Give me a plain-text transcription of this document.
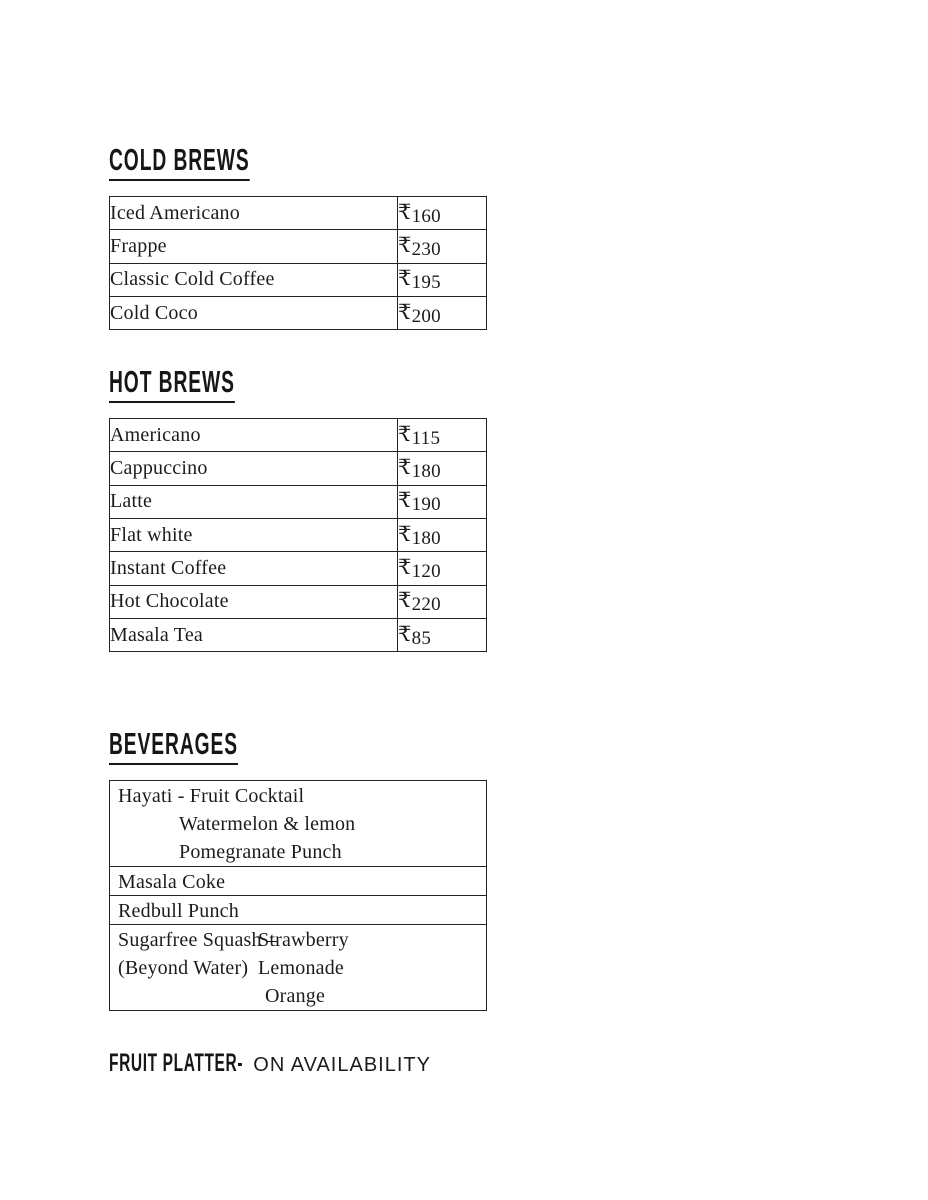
COLD BREWS
Iced Americano	₹160
Frappe	₹230
Classic Cold Coffee	₹195
Cold Coco	₹200
HOT BREWS
Americano	₹115
Cappuccino	₹180
Latte	₹190
Flat white	₹180
Instant Coffee	₹120
Hot Chocolate	₹220
Masala Tea	₹85
BEVERAGES
Hayati - Fruit Cocktail
Watermelon & lemon
Pomegranate Punch

Masala Coke
Redbull Punch

Sugarfree Squash –Strawberry
(Beyond Water) Lemonade
Orange
FRUIT PLATTER- ON AVAILABILITY
